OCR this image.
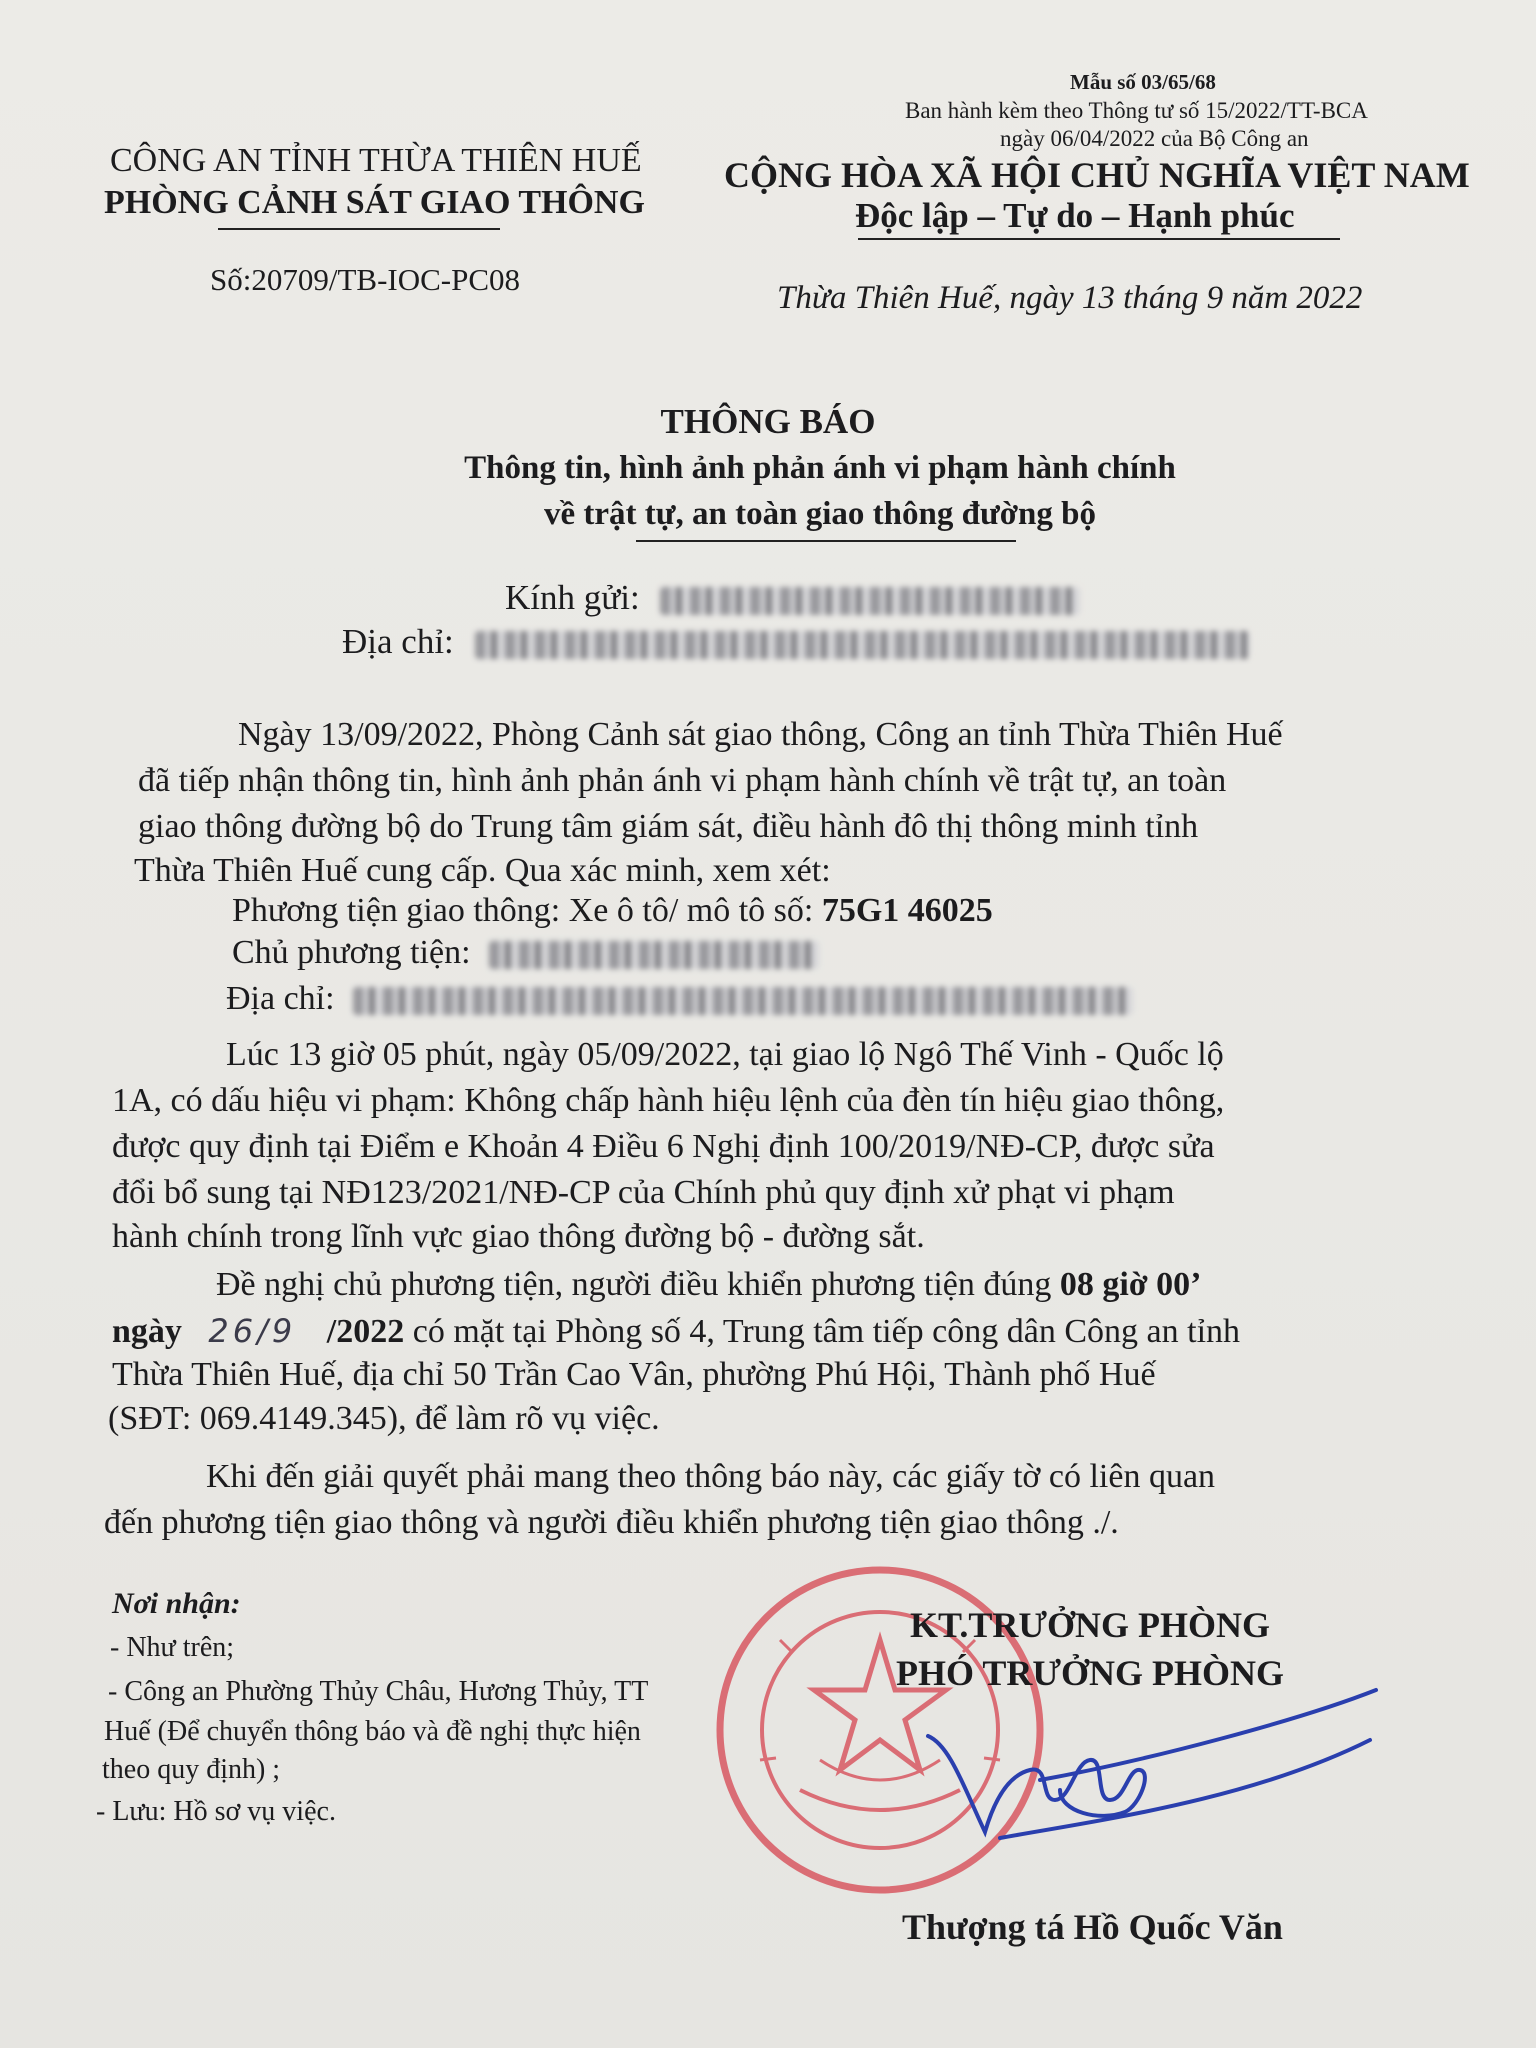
Mẫu số 03/65/68
Ban hành kèm theo Thông tư số 15/2022/TT-BCA
ngày 06/04/2022 của Bộ Công an
CÔNG AN TỈNH THỪA THIÊN HUẾ
PHÒNG CẢNH SÁT GIAO THÔNG
Số:20709/TB-IOC-PC08
CỘNG HÒA XÃ HỘI CHỦ NGHĨA VIỆT NAM
Độc lập – Tự do – Hạnh phúc
Thừa Thiên Huế, ngày 13 tháng 9 năm 2022
THÔNG BÁO
Thông tin, hình ảnh phản ánh vi phạm hành chính
về trật tự, an toàn giao thông đường bộ
Kính gửi:
Địa chỉ:
Ngày 13/09/2022, Phòng Cảnh sát giao thông, Công an tỉnh Thừa Thiên Huế
đã tiếp nhận thông tin, hình ảnh phản ánh vi phạm hành chính về trật tự, an toàn
giao thông đường bộ do Trung tâm giám sát, điều hành đô thị thông minh tỉnh
Thừa Thiên Huế cung cấp. Qua xác minh, xem xét:
Phương tiện giao thông: Xe ô tô/ mô tô số: 75G1 46025
Chủ phương tiện:
Địa chỉ:
Lúc 13 giờ 05 phút, ngày 05/09/2022, tại giao lộ Ngô Thế Vinh - Quốc lộ
1A, có dấu hiệu vi phạm: Không chấp hành hiệu lệnh của đèn tín hiệu giao thông,
được quy định tại Điểm e Khoản 4 Điều 6 Nghị định 100/2019/NĐ-CP, được sửa
đổi bổ sung tại NĐ123/2021/NĐ-CP của Chính phủ quy định xử phạt vi phạm
hành chính trong lĩnh vực giao thông đường bộ - đường sắt.
Đề nghị chủ phương tiện, người điều khiển phương tiện đúng 08 giờ 00’
ngày 26/9 /2022 có mặt tại Phòng số 4, Trung tâm tiếp công dân Công an tỉnh
Thừa Thiên Huế, địa chỉ 50 Trần Cao Vân, phường Phú Hội, Thành phố Huế
(SĐT: 069.4149.345), để làm rõ vụ việc.
Khi đến giải quyết phải mang theo thông báo này, các giấy tờ có liên quan
đến phương tiện giao thông và người điều khiển phương tiện giao thông ./.
Nơi nhận:
- Như trên;
- Công an Phường Thủy Châu, Hương Thủy, TT
Huế (Để chuyển thông báo và đề nghị thực hiện
theo quy định) ;
- Lưu: Hồ sơ vụ việc.
KT.TRƯỞNG PHÒNG
PHÓ TRƯỞNG PHÒNG
Thượng tá Hồ Quốc Văn
